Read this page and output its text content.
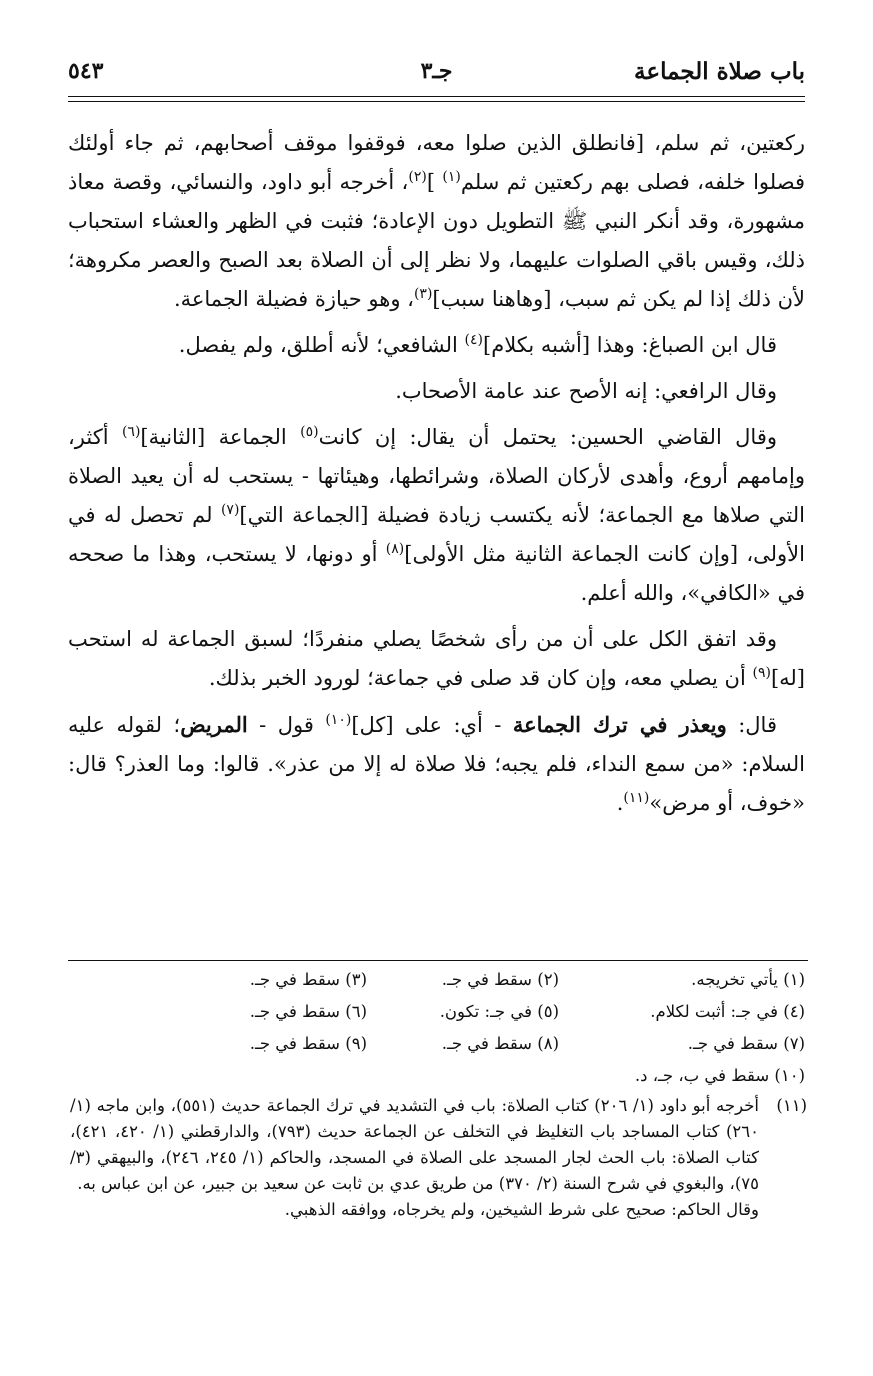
باب صلاة الجماعة
جـ٣
٥٤٣

ركعتين، ثم سلم، [فانطلق الذين صلوا معه، فوقفوا موقف أصحابهم، ثم جاء أولئك فصلوا خلفه، فصلى بهم ركعتين ثم سلم$^{(١)}$ ]$^{(٢)}$، أخرجه أبو داود، والنسائي، وقصة معاذ مشهورة، وقد أنكر النبي ﷺ التطويل دون الإعادة؛ فثبت في الظهر والعشاء استحباب ذلك، وقيس باقي الصلوات عليهما، ولا نظر إلى أن الصلاة بعد الصبح والعصر مكروهة؛ لأن ذلك إذا لم يكن ثم سبب، [وهاهنا سبب]$^{(٣)}$، وهو حيازة فضيلة الجماعة.

قال ابن الصباغ: وهذا [أشبه بكلام]$^{(٤)}$ الشافعي؛ لأنه أطلق، ولم يفصل.

وقال الرافعي: إنه الأصح عند عامة الأصحاب.

وقال القاضي الحسين: يحتمل أن يقال: إن كانت$^{(٥)}$ الجماعة [الثانية]$^{(٦)}$ أكثر، وإمامهم أروع، وأهدى لأركان الصلاة، وشرائطها، وهيئاتها - يستحب له أن يعيد الصلاة التي صلاها مع الجماعة؛ لأنه يكتسب زيادة فضيلة [الجماعة التي]$^{(٧)}$ لم تحصل له في الأولى، [وإن كانت الجماعة الثانية مثل الأولى]$^{(٨)}$ أو دونها، لا يستحب، وهذا ما صححه في «الكافي»، والله أعلم.

وقد اتفق الكل على أن من رأى شخصًا يصلي منفردًا؛ لسبق الجماعة له استحب [له]$^{(٩)}$ أن يصلي معه، وإن كان قد صلى في جماعة؛ لورود الخبر بذلك.

قال: ويعذر في ترك الجماعة - أي: على [كل]$^{(١٠)}$ قول - المريض؛ لقوله عليه السلام: «من سمع النداء، فلم يجبه؛ فلا صلاة له إلا من عذر». قالوا: وما العذر؟ قال: «خوف، أو مرض»$^{(١١)}$.

(١) يأتي تخريجه.
(٢) سقط في جـ.
(٣) سقط في جـ.
(٤) في جـ: أثبت لكلام.
(٥) في جـ: تكون.
(٦) سقط في جـ.
(٧) سقط في جـ.
(٨) سقط في جـ.
(٩) سقط في جـ.
(١٠) سقط في ب، جـ، د.
(١١)
أخرجه أبو داود (١/ ٢٠٦) كتاب الصلاة: باب في التشديد في ترك الجماعة حديث (٥٥١)، وابن ماجه (١/ ٢٦٠) كتاب المساجد باب التغليظ في التخلف عن الجماعة حديث (٧٩٣)، والدارقطني (١/ ٤٢٠، ٤٢١)، كتاب الصلاة: باب الحث لجار المسجد على الصلاة في المسجد، والحاكم (١/ ٢٤٥، ٢٤٦)، والبيهقي (٣/ ٧٥)، والبغوي في شرح السنة (٢/ ٣٧٠) من طريق عدي بن ثابت عن سعيد بن جبير، عن ابن عباس به.
وقال الحاكم: صحيح على شرط الشيخين، ولم يخرجاه، ووافقه الذهبي.
